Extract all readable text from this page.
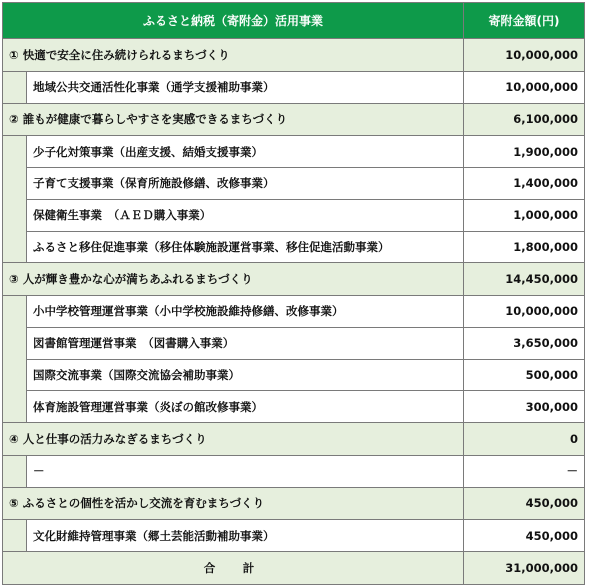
ふるさと納税（寄附金）活用事業		寄附金額(円)
① 快適で安全に住み続けられるまちづくり		10,000,000
	地域公共交通活性化事業（通学支援補助事業）	10,000,000
② 誰もが健康で暮らしやすさを実感できるまちづくり		6,100,000
	少子化対策事業（出産支援、結婚支援事業）	1,900,000
	子育て支援事業（保育所施設修繕、改修事業）	1,400,000
	保健衛生事業　（ＡＥＤ購入事業）	1,000,000
	ふるさと移住促進事業（移住体験施設運営事業、移住促進活動事業）	1,800,000
③ 人が輝き豊かな心が満ちあふれるまちづくり		14,450,000
	小中学校管理運営事業（小中学校施設維持修繕、改修事業）	10,000,000
	図書館管理運営事業　（図書購入事業）	3,650,000
	国際交流事業（国際交流協会補助事業）	500,000
	体育施設管理運営事業（炎ぼの館改修事業）	300,000
④ 人と仕事の活力みなぎるまちづくり		0
	－	－
⑤ ふるさとの個性を活かし交流を育むまちづくり		450,000
	文化財維持管理事業（郷土芸能活動補助事業）	450,000
合　計		31,000,000
